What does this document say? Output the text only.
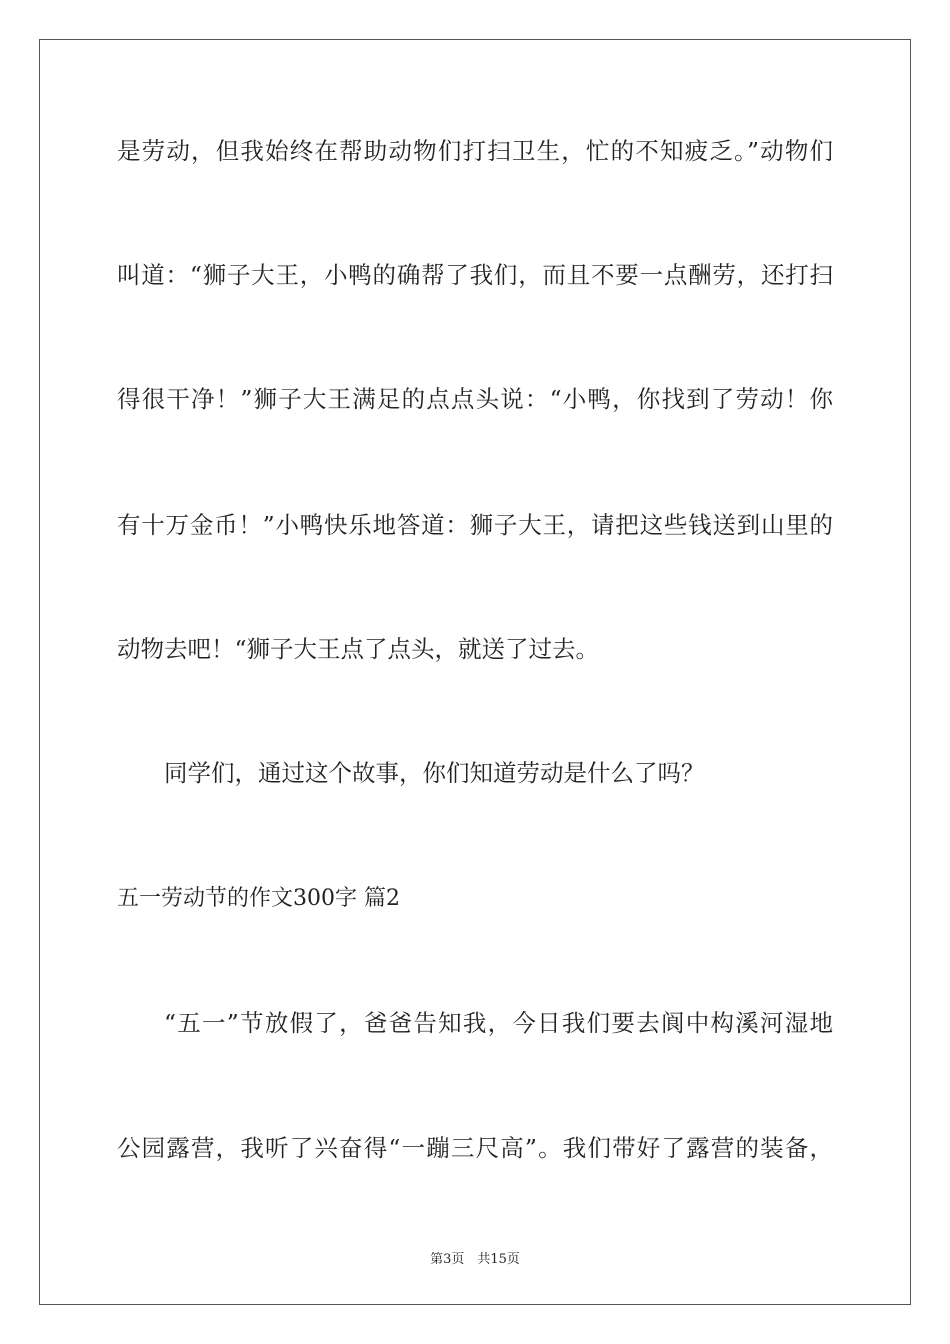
是劳动，但我始终在帮助动物们打扫卫生，忙的不知疲乏。”动物们

叫道：“狮子大王，小鸭的确帮了我们，而且不要一点酬劳，还打扫

得很干净！”狮子大王满足的点点头说：“小鸭，你找到了劳动！你

有十万金币！”小鸭快乐地答道：狮子大王，请把这些钱送到山里的

动物去吧！“狮子大王点了点头，就送了过去。

同学们，通过这个故事，你们知道劳动是什么了吗？

五一劳动节的作文300字 篇2

“五一”节放假了，爸爸告知我，今日我们要去阆中构溪河湿地

公园露营，我听了兴奋得“一蹦三尺高”。我们带好了露营的装备，

第3页　共15页
